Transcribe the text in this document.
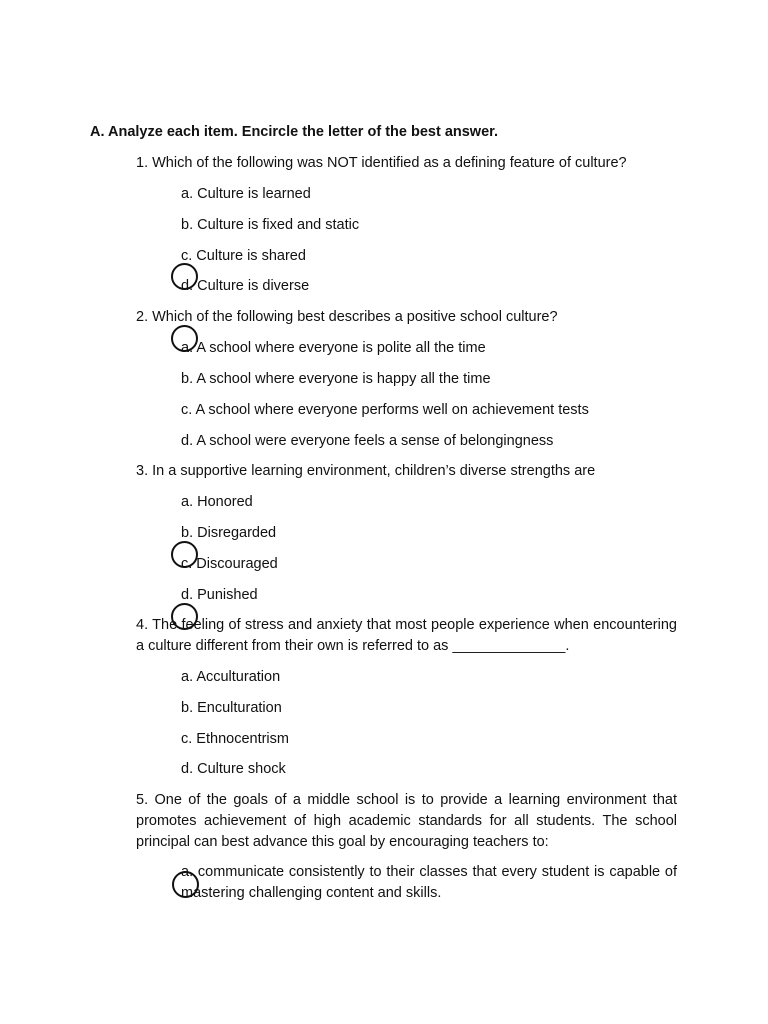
A. Analyze each item. Encircle the letter of the best answer.
1. Which of the following was NOT identified as a defining feature of culture?
a. Culture is learned
b. Culture is fixed and static
c. Culture is shared
d. Culture is diverse
2. Which of the following best describes a positive school culture?
a. A school where everyone is polite all the time
b. A school where everyone is happy all the time
c. A school where everyone performs well on achievement tests
d. A school were everyone feels a sense of belongingness
3. In a supportive learning environment, children’s diverse strengths are
a. Honored
b. Disregarded
c. Discouraged
d. Punished
4. The feeling of stress and anxiety that most people experience when encountering a culture different from their own is referred to as ______________.
a. Acculturation
b. Enculturation
c. Ethnocentrism
d. Culture shock
5. One of the goals of a middle school is to provide a learning environment that promotes achievement of high academic standards for all students. The school principal can best advance this goal by encouraging teachers to:
a. communicate consistently to their classes that every student is capable of mastering challenging content and skills.
